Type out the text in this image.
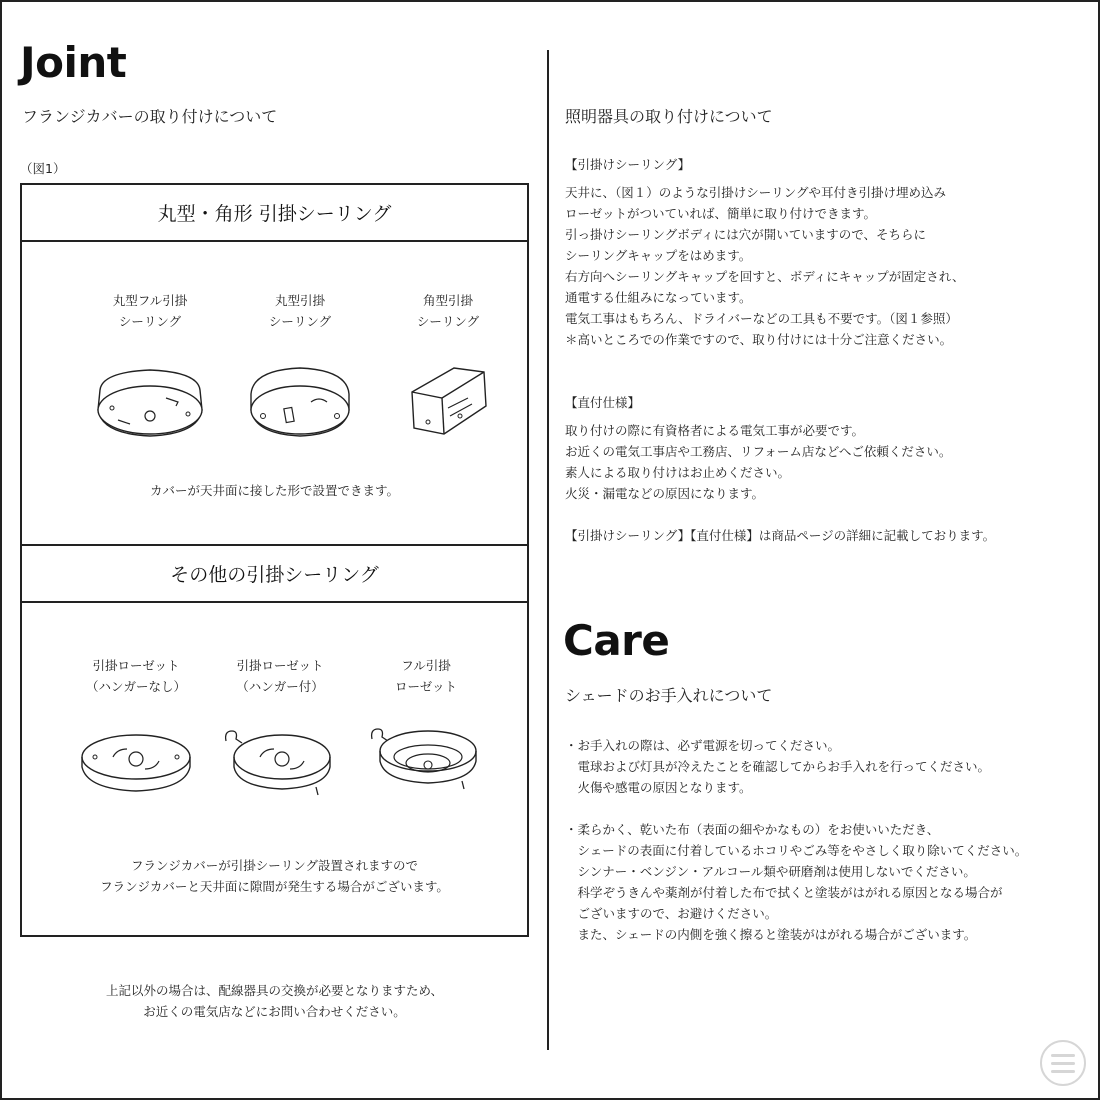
Joint
フランジカバーの取り付けについて
（図1）
丸型・角形 引掛シーリング
丸型フル引掛
シーリング
丸型引掛
シーリング
角型引掛
シーリング
カバーが天井面に接した形で設置できます。
その他の引掛シーリング
引掛ローゼット
（ハンガーなし）
引掛ローゼット
（ハンガー付）
フル引掛
ローゼット
フランジカバーが引掛シーリング設置されますので
フランジカバーと天井面に隙間が発生する場合がございます。
上記以外の場合は、配線器具の交換が必要となりますため、
お近くの電気店などにお問い合わせください。
照明器具の取り付けについて
【引掛けシーリング】
天井に、（図１）のような引掛けシーリングや耳付き引掛け埋め込み
ローゼットがついていれば、簡単に取り付けできます。
引っ掛けシーリングボディには穴が開いていますので、そちらに
シーリングキャップをはめます。
右方向へシーリングキャップを回すと、ボディにキャップが固定され、
通電する仕組みになっています。
電気工事はもちろん、ドライバーなどの工具も不要です。（図１参照）
＊高いところでの作業ですので、取り付けには十分ご注意ください。
【直付仕様】
取り付けの際に有資格者による電気工事が必要です。
お近くの電気工事店や工務店、リフォーム店などへご依頼ください。
素人による取り付けはお止めください。
火災・漏電などの原因になります。
【引掛けシーリング】【直付仕様】は商品ページの詳細に記載しております。
Care
シェードのお手入れについて
・お手入れの際は、必ず電源を切ってください。
　電球および灯具が冷えたことを確認してからお手入れを行ってください。
　火傷や感電の原因となります。
・柔らかく、乾いた布（表面の細やかなもの）をお使いいただき、
　シェードの表面に付着しているホコリやごみ等をやさしく取り除いてください。
　シンナー・ベンジン・アルコール類や研磨剤は使用しないでください。
　科学ぞうきんや薬剤が付着した布で拭くと塗装がはがれる原因となる場合が
　ございますので、お避けください。
　また、シェードの内側を強く擦ると塗装がはがれる場合がございます。
